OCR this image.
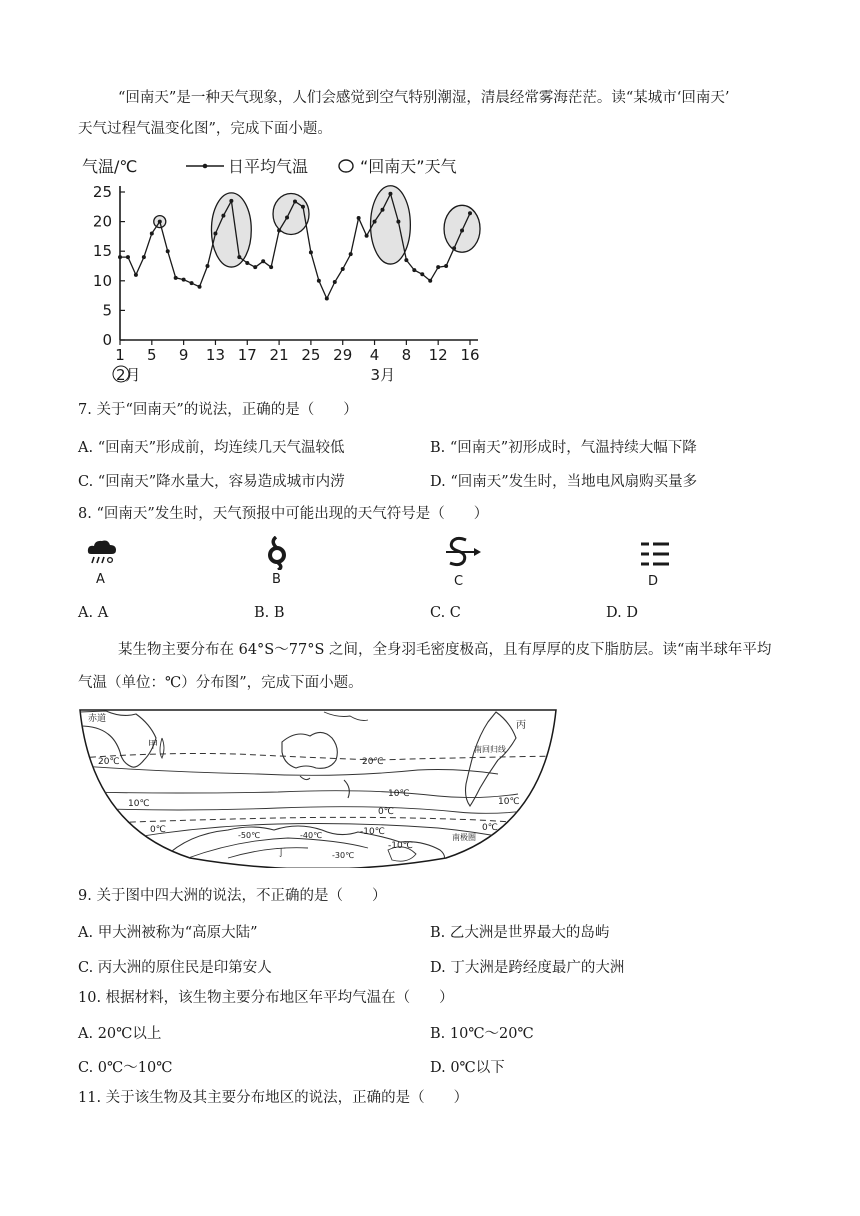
“回南天”是一种天气现象，人们会感觉到空气特别潮湿，清晨经常雾海茫茫。读“某城市‘回南天’
天气过程气温变化图”，完成下面小题。
0
5
10
15
20
25
1 5 9 13 17 21 25 29 4 8 12 16
2月	3月
气温/℃	日平均气温	“回南天”天气
7. 关于“回南天”的说法，正确的是（　　）
A. “回南天”形成前，均连续几天气温较低	B. “回南天”初形成时，气温持续大幅下降
C. “回南天”降水量大，容易造成城市内涝	D. “回南天”发生时，当地电风扇购买量多
8. “回南天”发生时，天气预报中可能出现的天气符号是（　　）
A	B	C	D
A. A	B. B	C. C	D. D
某生物主要分布在 64°S～77°S 之间，全身羽毛密度极高，且有厚厚的皮下脂肪层。读“南半球年平均
气温（单位：℃）分布图”，完成下面小题。
赤道
甲
丙
南回归线
南极圈
丁
20℃	20℃
10℃
10℃
10℃
0℃
0℃
0℃
-10℃
-10℃
-50℃	-40℃
-30℃
9. 关于图中四大洲的说法，不正确的是（　　）
A. 甲大洲被称为“高原大陆”	B. 乙大洲是世界最大的岛屿
C. 丙大洲的原住民是印第安人	D. 丁大洲是跨经度最广的大洲
10. 根据材料，该生物主要分布地区年平均气温在（　　）
A. 20℃以上	B. 10℃～20℃
C. 0℃～10℃	D. 0℃以下
11. 关于该生物及其主要分布地区的说法，正确的是（　　）
